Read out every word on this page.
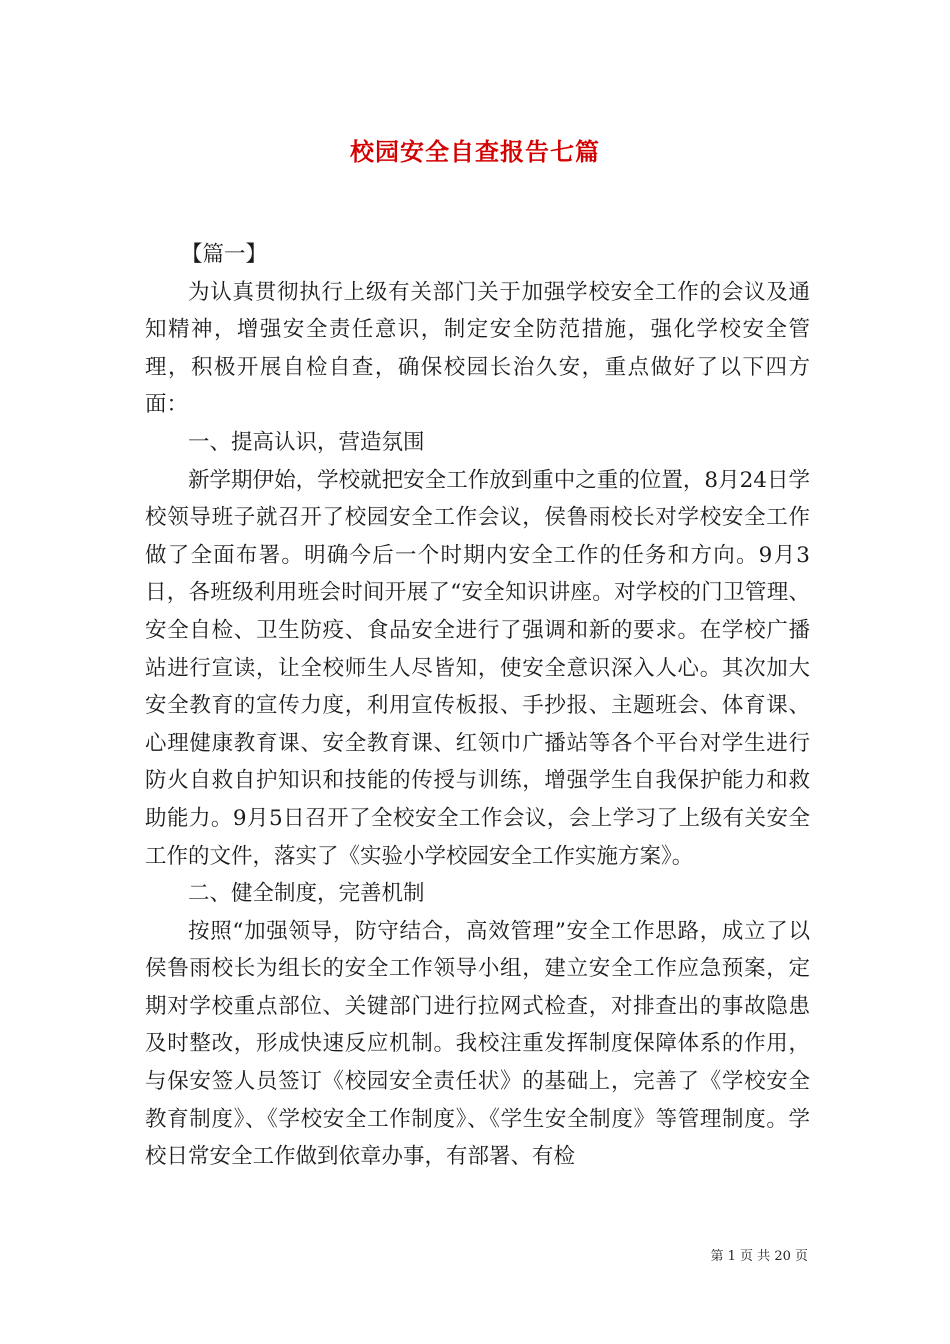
校园安全自查报告七篇
【篇一】

为认真贯彻执行上级有关部门关于加强学校安全工作的会议及通知精神，增强安全责任意识，制定安全防范措施，强化学校安全管理，积极开展自检自查，确保校园长治久安，重点做好了以下四方面：

一、提高认识，营造氛围

新学期伊始，学校就把安全工作放到重中之重的位置，8月24日学校领导班子就召开了校园安全工作会议，侯鲁雨校长对学校安全工作做了全面布署。明确今后一个时期内安全工作的任务和方向。9月3日，各班级利用班会时间开展了“安全知识讲座。对学校的门卫管理、安全自检、卫生防疫、食品安全进行了强调和新的要求。在学校广播站进行宣读，让全校师生人尽皆知，使安全意识深入人心。其次加大安全教育的宣传力度，利用宣传板报、手抄报、主题班会、体育课、心理健康教育课、安全教育课、红领巾广播站等各个平台对学生进行防火自救自护知识和技能的传授与训练，增强学生自我保护能力和救助能力。9月5日召开了全校安全工作会议，会上学习了上级有关安全工作的文件，落实了《实验小学校园安全工作实施方案》。

二、健全制度，完善机制

按照“加强领导，防守结合，高效管理”安全工作思路，成立了以侯鲁雨校长为组长的安全工作领导小组，建立安全工作应急预案，定期对学校重点部位、关键部门进行拉网式检查，对排查出的事故隐患及时整改，形成快速反应机制。我校注重发挥制度保障体系的作用，与保安签人员签订《校园安全责任状》的基础上，完善了《学校安全教育制度》、《学校安全工作制度》、《学生安全制度》等管理制度。学校日常安全工作做到依章办事，有部署、有检

第 1 页 共 20 页
